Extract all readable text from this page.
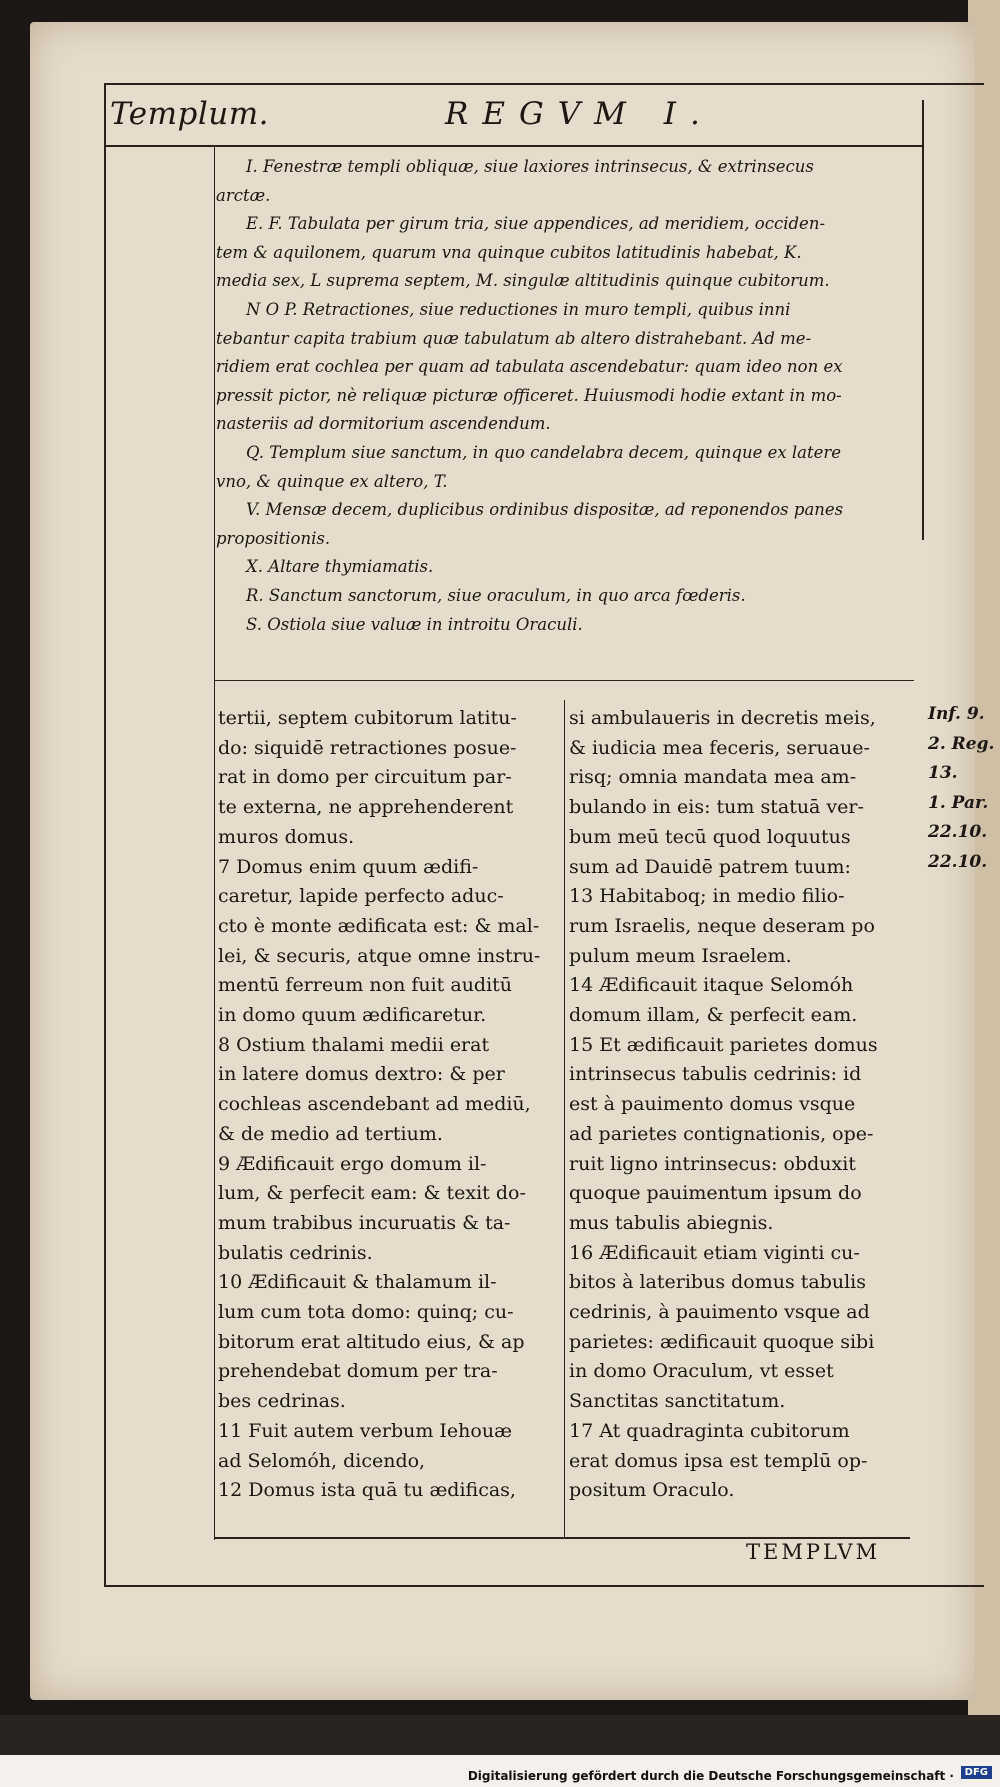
Templum.	REGVM I.

I. Fenestræ templi obliquæ, siue laxiores intrinsecus, & extrinsecus

arctæ.

E. F. Tabulata per girum tria, siue appendices, ad meridiem, occiden-

tem & aquilonem, quarum vna quinque cubitos latitudinis habebat, K.

media sex, L suprema septem, M. singulæ altitudinis quinque cubitorum.

N O P. Retractiones, siue reductiones in muro templi, quibus inni

tebantur capita trabium quæ tabulatum ab altero distrahebant. Ad me-

ridiem erat cochlea per quam ad tabulata ascendebatur: quam ideo non ex

pressit pictor, nè reliquæ picturæ officeret. Huiusmodi hodie extant in mo-

nasteriis ad dormitorium ascendendum.

Q. Templum siue sanctum, in quo candelabra decem, quinque ex latere

vno, & quinque ex altero, T.

V. Mensæ decem, duplicibus ordinibus dispositæ, ad reponendos panes

propositionis.

X. Altare thymiamatis.

R. Sanctum sanctorum, siue oraculum, in quo arca fœderis.

S. Ostiola siue valuæ in introitu Oraculi.

tertii, septem cubitorum latitu-

do: siquidē retractiones posue-

rat in domo per circuitum par-

te externa, ne apprehenderent

muros domus.

7 Domus enim quum ædifi-

caretur, lapide perfecto aduc-

cto è monte ædificata est: & mal-

lei, & securis, atque omne instru-

mentū ferreum non fuit auditū

in domo quum ædificaretur.

8 Ostium thalami medii erat

in latere domus dextro: & per

cochleas ascendebant ad mediū,

& de medio ad tertium.

9 Ædificauit ergo domum il-

lum, & perfecit eam: & texit do-

mum trabibus incuruatis & ta-

bulatis cedrinis.

10 Ædificauit & thalamum il-

lum cum tota domo: quinq; cu-

bitorum erat altitudo eius, & ap

prehendebat domum per tra-

bes cedrinas.

11 Fuit autem verbum Iehouæ

ad Selomóh, dicendo,

12 Domus ista quā tu ædificas,

si ambulaueris in decretis meis,

& iudicia mea feceris, seruaue-

risq; omnia mandata mea am-

bulando in eis: tum statuā ver-

bum meū tecū quod loquutus

sum ad Dauidē patrem tuum:

13 Habitaboq; in medio filio-

rum Israelis, neque deseram po

pulum meum Israelem.

14 Ædificauit itaque Selomóh

domum illam, & perfecit eam.

15 Et ædificauit parietes domus

intrinsecus tabulis cedrinis: id

est à pauimento domus vsque

ad parietes contignationis, ope-

ruit ligno intrinsecus: obduxit

quoque pauimentum ipsum do

mus tabulis abiegnis.

16 Ædificauit etiam viginti cu-

bitos à lateribus domus tabulis

cedrinis, à pauimento vsque ad

parietes: ædificauit quoque sibi

in domo Oraculum, vt esset

Sanctitas sanctitatum.

17 At quadraginta cubitorum

erat domus ipsa est templū op-

positum Oraculo.

Inf. 9.

2. Reg.

13.

1. Par.

22.10.

22.10.

TEMPLVM
Digitalisierung gefördert durch die Deutsche Forschungsgemeinschaft ·	DFG
